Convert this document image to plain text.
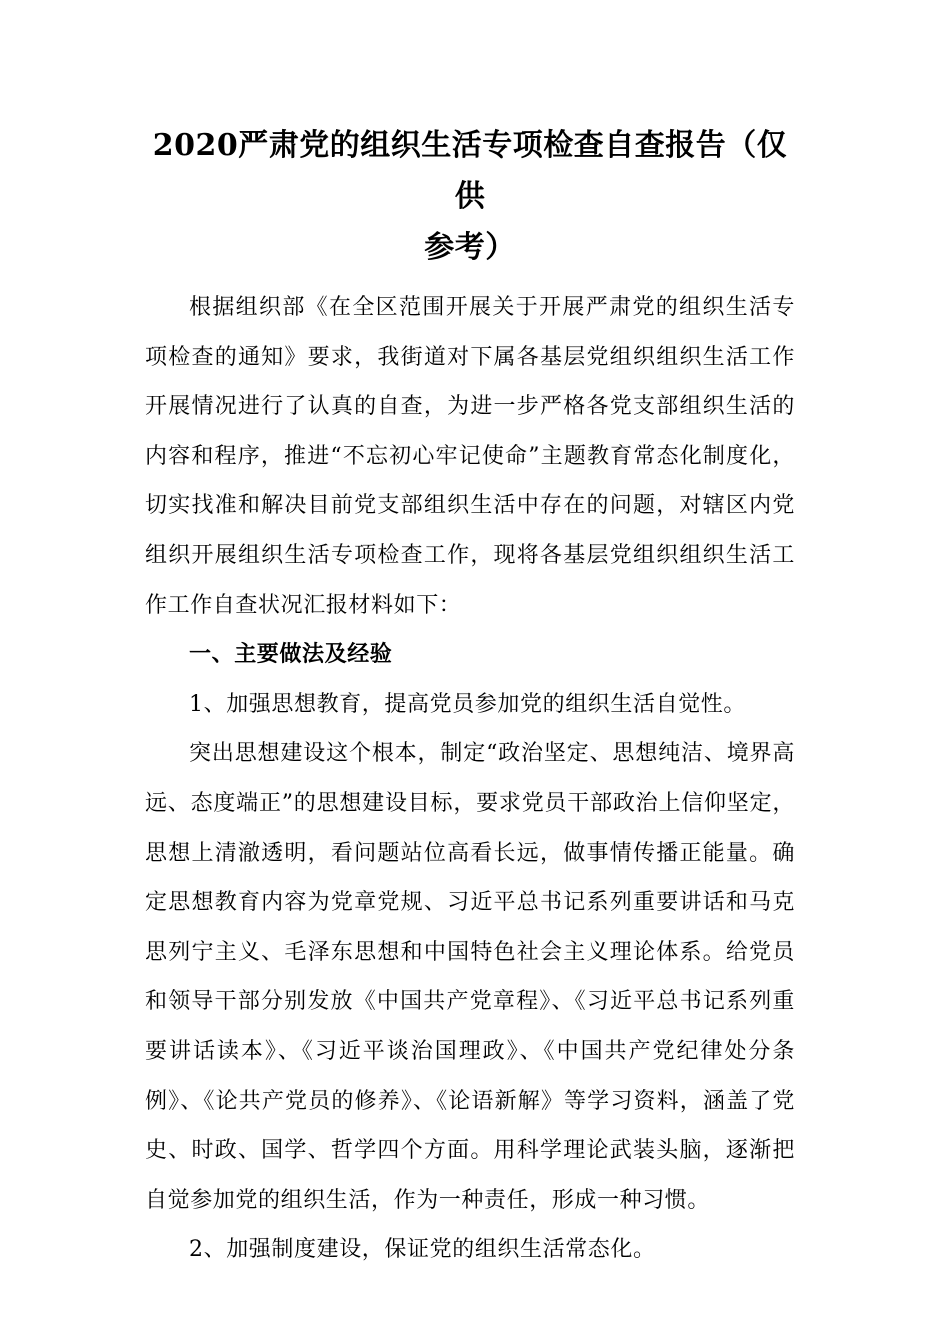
2020严肃党的组织生活专项检查自查报告（仅供
参考）

根据组织部《在全区范围开展关于开展严肃党的组织生活专项检查的通知》要求，我街道对下属各基层党组织组织生活工作开展情况进行了认真的自查，为进一步严格各党支部组织生活的内容和程序，推进“不忘初心牢记使命”主题教育常态化制度化，切实找准和解决目前党支部组织生活中存在的问题，对辖区内党组织开展组织生活专项检查工作，现将各基层党组织组织生活工作工作自查状况汇报材料如下：

一、主要做法及经验

1、加强思想教育，提高党员参加党的组织生活自觉性。

突出思想建设这个根本，制定“政治坚定、思想纯洁、境界高远、态度端正”的思想建设目标，要求党员干部政治上信仰坚定，思想上清澈透明，看问题站位高看长远，做事情传播正能量。确定思想教育内容为党章党规、习近平总书记系列重要讲话和马克思列宁主义、毛泽东思想和中国特色社会主义理论体系。给党员和领导干部分别发放《中国共产党章程》、《习近平总书记系列重要讲话读本》、《习近平谈治国理政》、《中国共产党纪律处分条例》、《论共产党员的修养》、《论语新解》等学习资料，涵盖了党史、时政、国学、哲学四个方面。用科学理论武装头脑，逐渐把自觉参加党的组织生活，作为一种责任，形成一种习惯。

2、加强制度建设，保证党的组织生活常态化。
